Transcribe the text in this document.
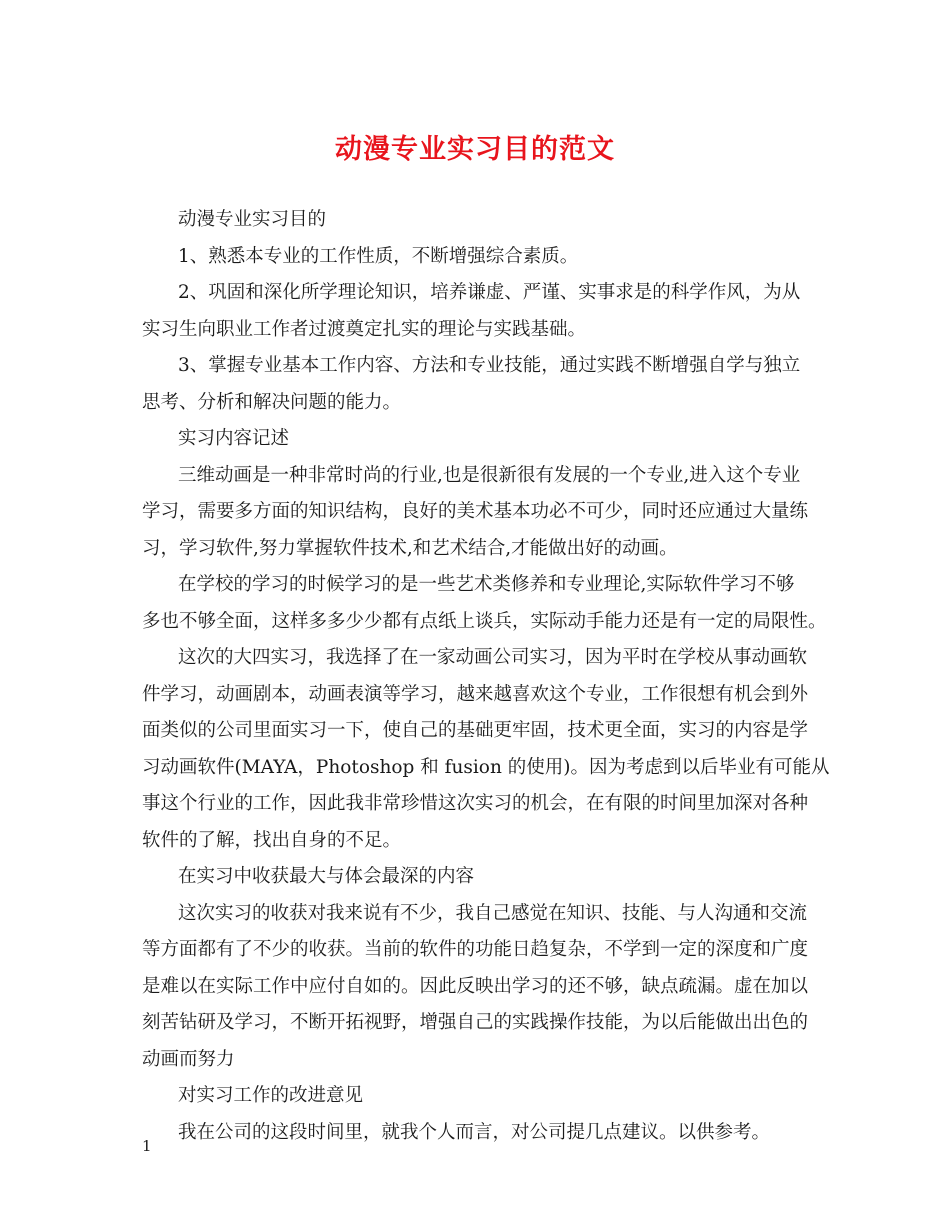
动漫专业实习目的范文
动漫专业实习目的
1、熟悉本专业的工作性质，不断增强综合素质。
2、巩固和深化所学理论知识，培养谦虚、严谨、实事求是的科学作风，为从
实习生向职业工作者过渡奠定扎实的理论与实践基础。
3、掌握专业基本工作内容、方法和专业技能，通过实践不断增强自学与独立
思考、分析和解决问题的能力。
实习内容记述
三维动画是一种非常时尚的行业,也是很新很有发展的一个专业,进入这个专业
学习，需要多方面的知识结构，良好的美术基本功必不可少，同时还应通过大量练
习，学习软件,努力掌握软件技术,和艺术结合,才能做出好的动画。
在学校的学习的时候学习的是一些艺术类修养和专业理论,实际软件学习不够
多也不够全面，这样多多少少都有点纸上谈兵，实际动手能力还是有一定的局限性。
这次的大四实习，我选择了在一家动画公司实习，因为平时在学校从事动画软
件学习，动画剧本，动画表演等学习，越来越喜欢这个专业，工作很想有机会到外
面类似的公司里面实习一下，使自己的基础更牢固，技术更全面，实习的内容是学
习动画软件(MAYA，Photoshop 和 fusion 的使用)。因为考虑到以后毕业有可能从
事这个行业的工作，因此我非常珍惜这次实习的机会，在有限的时间里加深对各种
软件的了解，找出自身的不足。
在实习中收获最大与体会最深的内容
这次实习的收获对我来说有不少，我自己感觉在知识、技能、与人沟通和交流
等方面都有了不少的收获。当前的软件的功能日趋复杂，不学到一定的深度和广度
是难以在实际工作中应付自如的。因此反映出学习的还不够，缺点疏漏。虚在加以
刻苦钻研及学习，不断开拓视野，增强自己的实践操作技能，为以后能做出出色的
动画而努力
对实习工作的改进意见
我在公司的这段时间里，就我个人而言，对公司提几点建议。以供参考。
1
